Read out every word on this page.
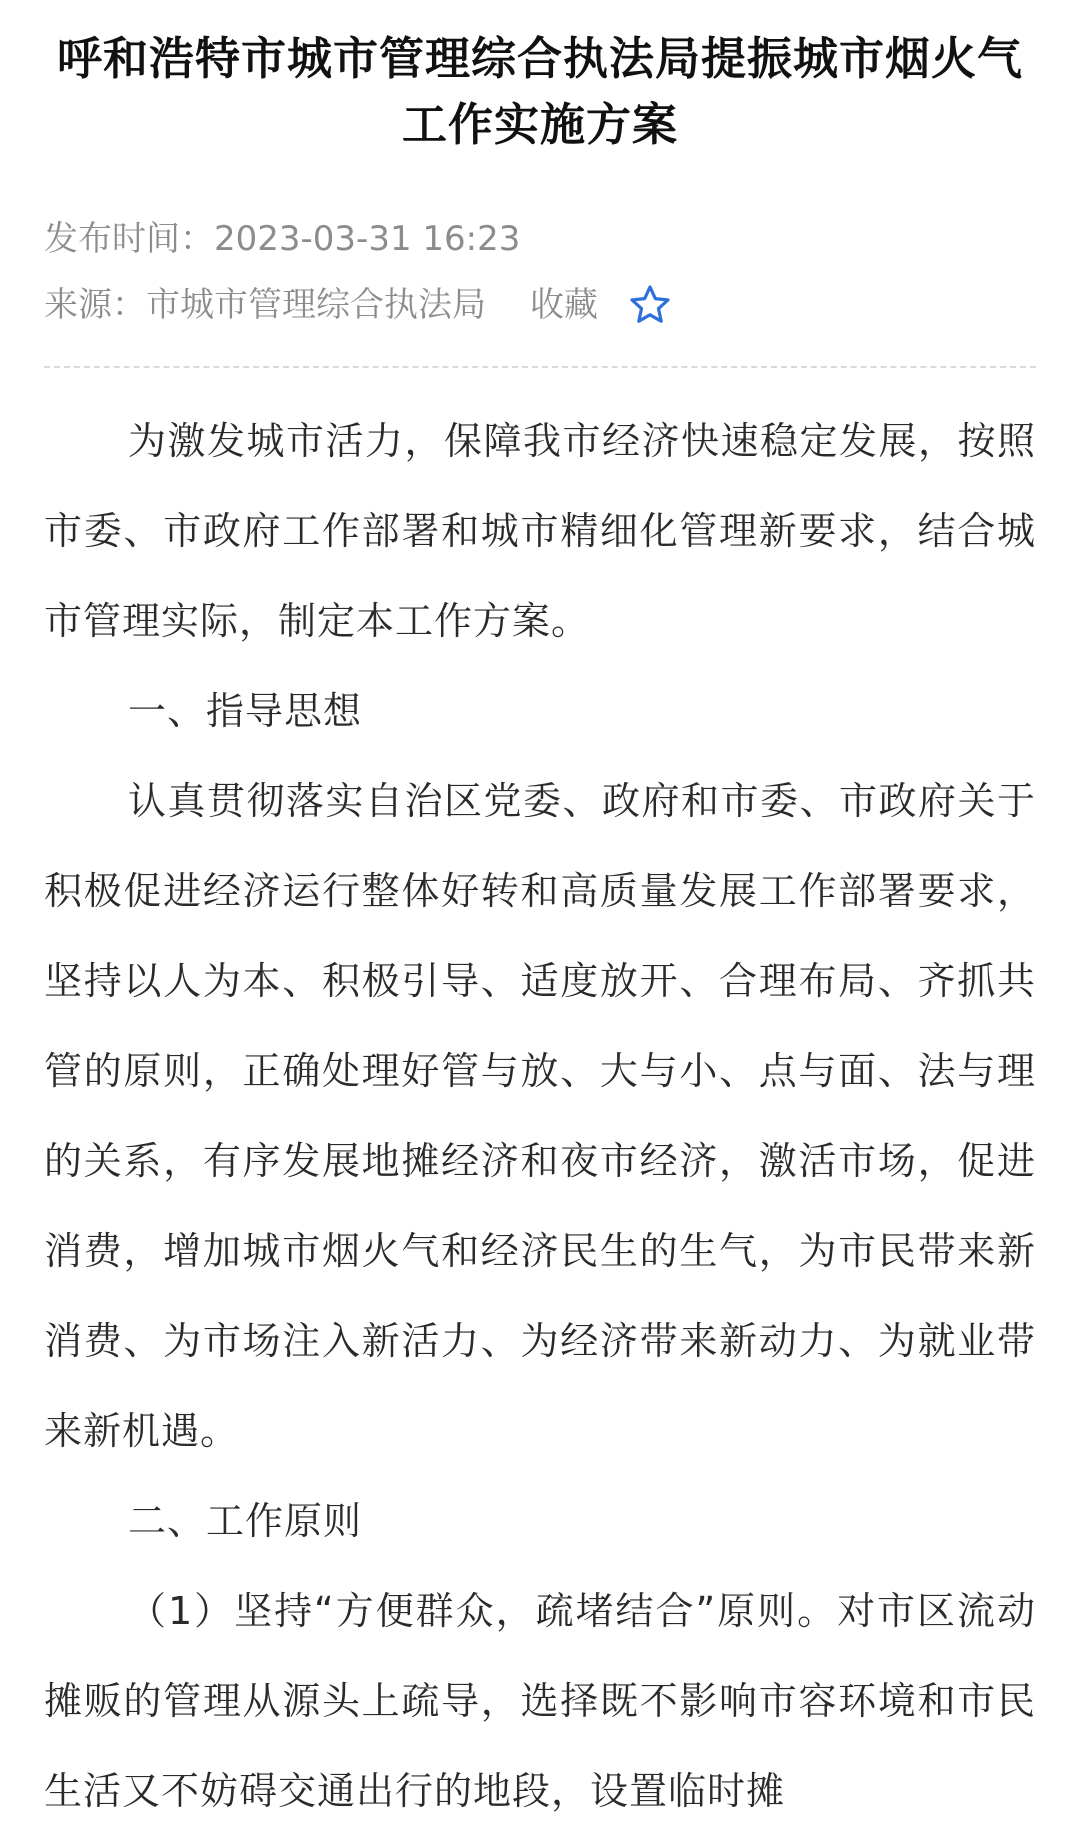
呼和浩特市城市管理综合执法局提振城市烟火气工作实施方案
发布时间： 2023-03-31 16:23
来源： 市城市管理综合执法局 收藏

为激发城市活力，保障我市经济快速稳定发展，按照市委、市政府工作部署和城市精细化管理新要求，结合城市管理实际，制定本工作方案。

一、指导思想

认真贯彻落实自治区党委、政府和市委、市政府关于积极促进经济运行整体好转和高质量发展工作部署要求，坚持以人为本、积极引导、适度放开、合理布局、齐抓共管的原则，正确处理好管与放、大与小、点与面、法与理的关系，有序发展地摊经济和夜市经济，激活市场，促进消费，增加城市烟火气和经济民生的生气，为市民带来新消费、为市场注入新活力、为经济带来新动力、为就业带来新机遇。

二、工作原则

（1）坚持“方便群众，疏堵结合”原则。对市区流动摊贩的管理从源头上疏导，选择既不影响市容环境和市民生活又不妨碍交通出行的地段，设置临时摊
